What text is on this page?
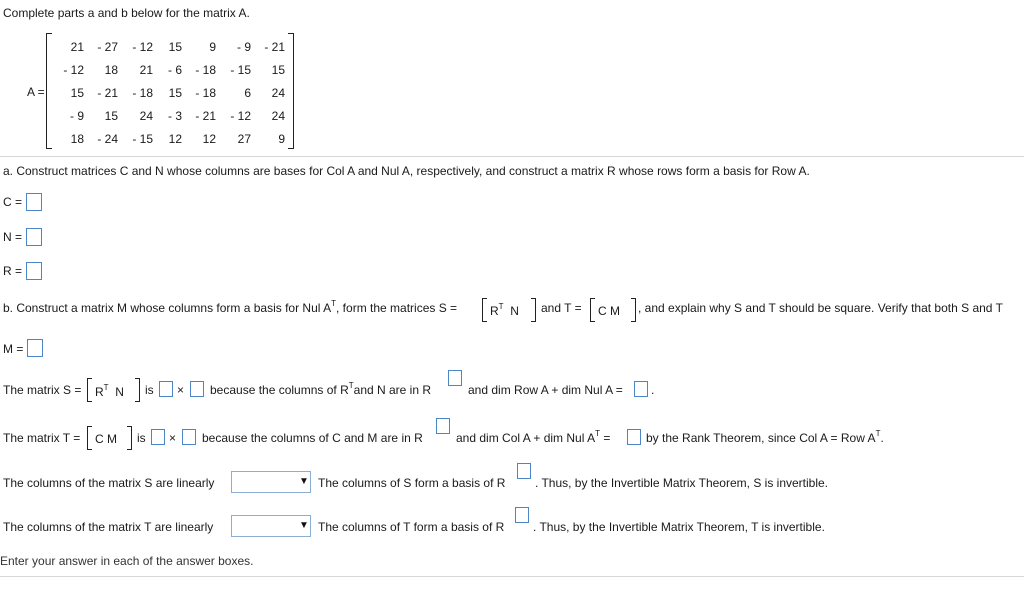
Complete parts a and b below for the matrix A.
A =
21	- 27	- 12	15	9	- 9	- 21
- 12	18	21	- 6	- 18	- 15	15
15	- 21	- 18	15	- 18	6	24
- 9	15	24	- 3	- 21	- 12	24
18	- 24	- 15	12	12	27	9
a. Construct matrices C and N whose columns are bases for Col A and Nul A, respectively, and construct a matrix R whose rows form a basis for Row A.
C =
N =
R =
b. Construct a matrix M whose columns form a basis for Nul $A^T$, form the matrices S =	$R^T$ N and T = C M , and explain why S and T should be square. Verify that both S and T
M =
The matrix $S = R^T$ N is × because the columns of $R^Tand$ N are in R	and dim Row A + dim Nul A = .
The matrix T = C M is × because the columns of C and M are in R	and dim Col A + dim Nul $A^T$ =	by the Rank Theorem, since Col A = Row $A^T$.
The columns of the matrix S are linearly	▼ The columns of S form a basis of R . Thus, by the Invertible Matrix Theorem, S is invertible.
The columns of the matrix T are linearly	▼ The columns of T form a basis of R . Thus, by the Invertible Matrix Theorem, T is invertible.
Enter your answer in each of the answer boxes.
